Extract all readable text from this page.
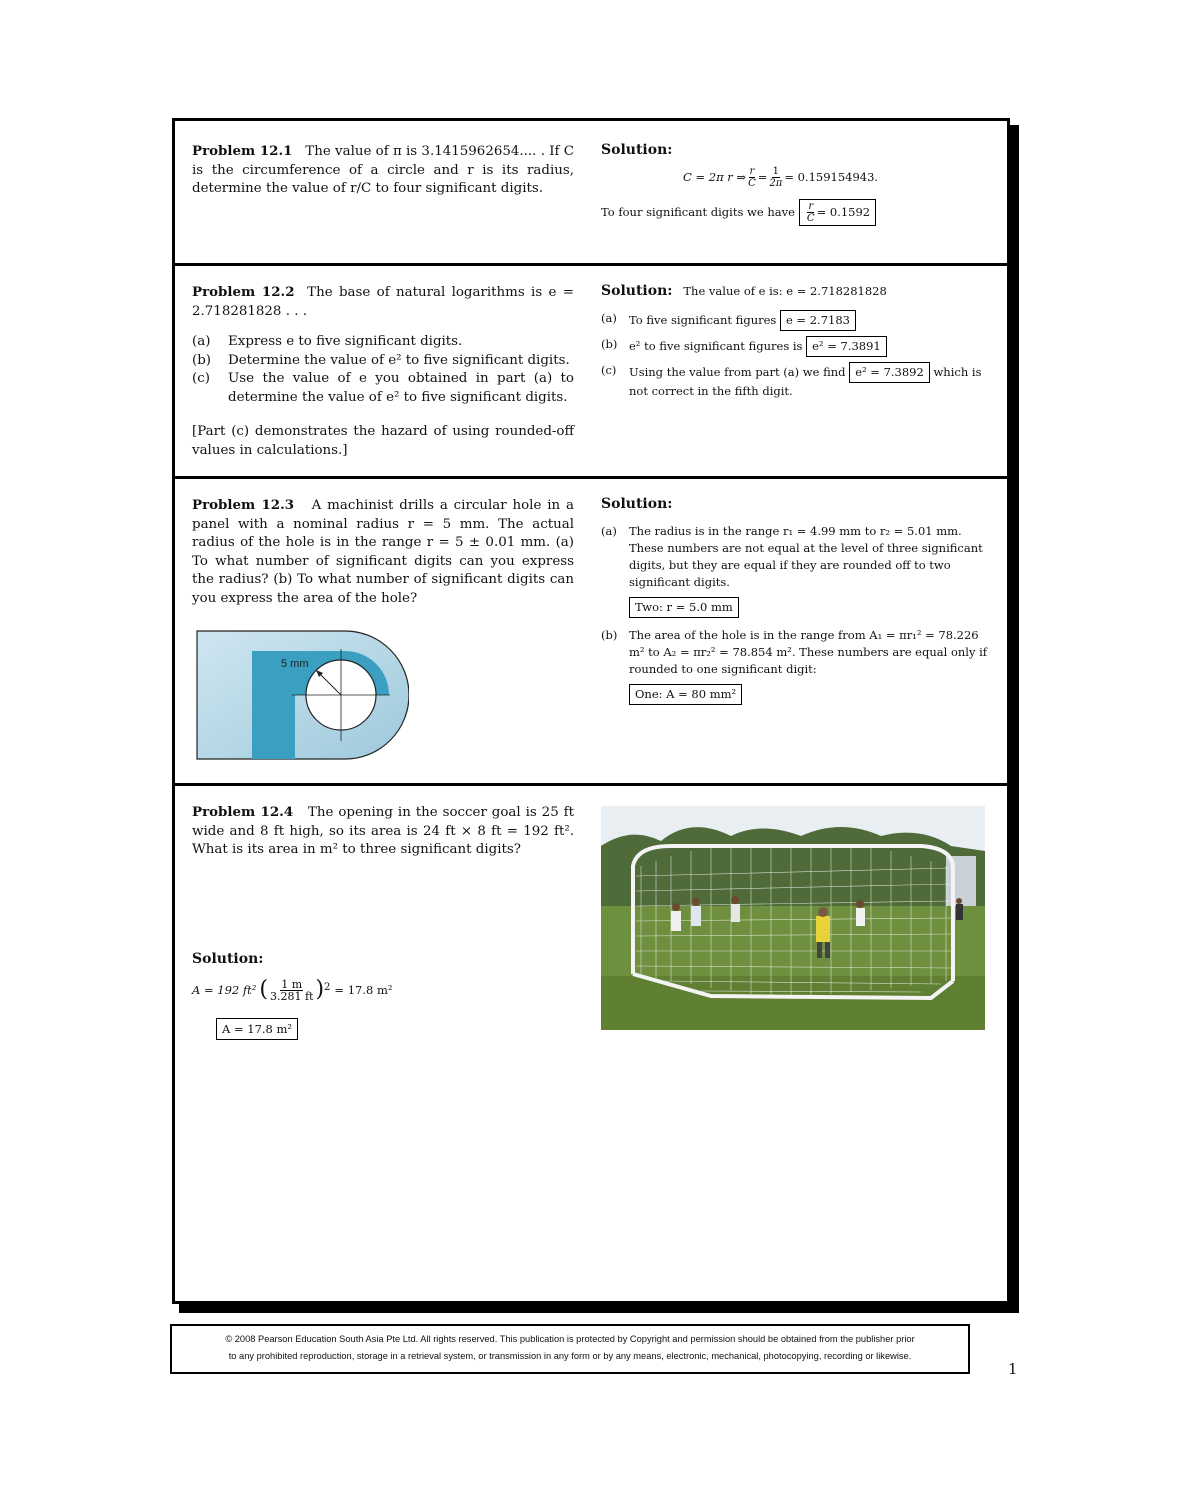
Problem 12.1 The value of π is 3.1415962654.... . If C is the circumference of a circle and r is its radius, determine the value of r/C to four significant digits.
Solution:
C = 2π r ⇒ $\frac{r}{C} = \frac{1}{2\pi} = 0.159154943$.
To four significant digits we have $\frac{r}{C} = 0.1592$
Problem 12.2 The base of natural logarithms is e = 2.718281828 . . .
(a)	Express e to five significant digits.
(b)	Determine the value of e² to five significant digits.
(c)	Use the value of e you obtained in part (a) to determine the value of e² to five significant digits.
[Part (c) demonstrates the hazard of using rounded-off values in calculations.]
Solution: The value of e is: e = 2.718281828
(a)	To five significant figures e = 2.7183
(b)	e² to five significant figures is e² = 7.3891
(c)	Using the value from part (a) we find e² = 7.3892 which is not correct in the fifth digit.
Problem 12.3 A machinist drills a circular hole in a panel with a nominal radius r = 5 mm. The actual radius of the hole is in the range r = 5 ± 0.01 mm. (a) To what number of significant digits can you express the radius? (b) To what number of significant digits can you express the area of the hole?
5 mm
Solution:
(a)	The radius is in the range r₁ = 4.99 mm to r₂ = 5.01 mm. These numbers are not equal at the level of three significant digits, but they are equal if they are rounded off to two significant digits.
Two: r = 5.0 mm
(b)	The area of the hole is in the range from A₁ = πr₁² = 78.226 m² to A₂ = πr₂² = 78.854 m². These numbers are equal only if rounded to one significant digit:
One: A = 80 mm²
Problem 12.4 The opening in the soccer goal is 25 ft wide and 8 ft high, so its area is 24 ft × 8 ft = 192 ft². What is its area in m² to three significant digits?
Solution:
A = 192 ft² ( $\frac{1 m}{3.281 ft}$ ) 2 = 17.8 m²
A = 17.8 m²
© 2008 Pearson Education South Asia Pte Ltd. All rights reserved. This publication is protected by Copyright and permission should be obtained from the publisher prior
to any prohibited reproduction, storage in a retrieval system, or transmission in any form or by any means, electronic, mechanical, photocopying, recording or likewise.
1
